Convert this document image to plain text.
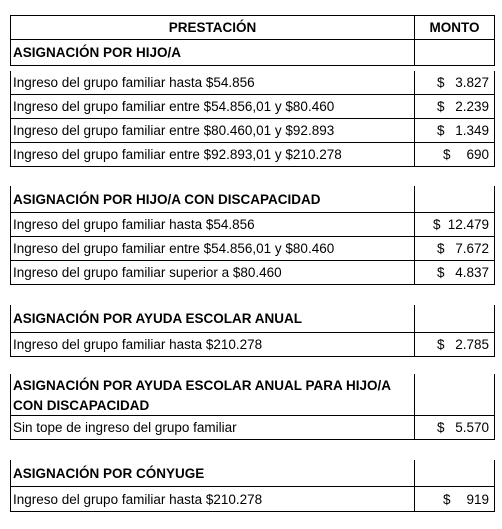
PRESTACIÓN	MONTO
ASIGNACIÓN POR HIJO/A
Ingreso del grupo familiar hasta $54.856	$ 3.827
Ingreso del grupo familiar entre $54.856,01 y $80.460	$ 2.239
Ingreso del grupo familiar entre $80.460,01 y $92.893	$ 1.349
Ingreso del grupo familiar entre $92.893,01 y $210.278	$ 690
ASIGNACIÓN POR HIJO/A CON DISCAPACIDAD
Ingreso del grupo familiar hasta $54.856	$ 12.479
Ingreso del grupo familiar entre $54.856,01 y $80.460	$ 7.672
Ingreso del grupo familiar superior a $80.460	$ 4.837
ASIGNACIÓN POR AYUDA ESCOLAR ANUAL
Ingreso del grupo familiar hasta $210.278	$ 2.785
ASIGNACIÓN POR AYUDA ESCOLAR ANUAL PARA HIJO/A
CON DISCAPACIDAD
Sin tope de ingreso del grupo familiar	$ 5.570
ASIGNACIÓN POR CÓNYUGE
Ingreso del grupo familiar hasta $210.278	$ 919
